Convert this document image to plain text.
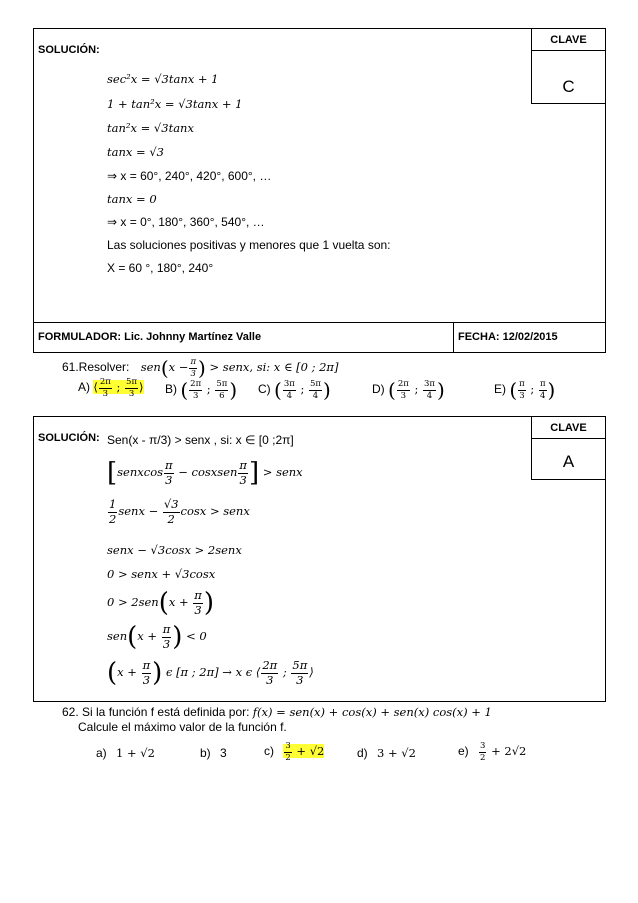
SOLUCIÓN:
CLAVE
C
sec²x = √3tanx + 1
1 + tan²x = √3tanx + 1
tan²x = √3tanx
tanx = √3
⇒ x = 60°, 240°, 420°, 600°, …
tanx = 0
⇒ x = 0°, 180°, 360°, 540°, …
Las soluciones positivas y menores que 1 vuelta son:
X = 60 °, 180°, 240°
FORMULADOR: Lic. Johnny Martínez Valle	FECHA: 12/02/2015
61.Resolver: $sen(x - \frac{\pi}{3}$ ) > senx, si: x ∈ [0 ; 2π]
A) ⟨ $\frac{2\pi}{3}$ ; $\frac{5\pi}{3}$ ⟩ B) ( $\frac{2\pi}{3}$ ; $\frac{5\pi}{6}$ ) C) ( $\frac{3\pi}{4}$ ; $\frac{5\pi}{4}$ )	D) ( $\frac{2\pi}{3}$ ; $\frac{3\pi}{4}$ )	E) ( $\frac{\pi}{3}$ ; $\frac{\pi}{4}$ )
SOLUCIÓN:
CLAVE
A
Sen(x - π/3) > senx , si: x ∈ [0 ;2π]
[senxcos $\frac{\pi}{3}$ − cosxsen $\frac{\pi}{3}$ ] > senx
$\frac{1}{2}$ senx − $\frac{√3}{2}$ cosx > senx
senx − √3cosx > 2senx
0 > senx + √3cosx
$0 > 2sen(x + \frac{\pi}{3}$ )
$sen(x + \frac{\pi}{3}$ ) < 0
($x + \frac{\pi}{3}$ ) ϵ [π ; 2π] → x ϵ ⟨ $\frac{2\pi}{3}$ ; $\frac{5\pi}{3}$ ⟩
62. Si la función f está definida por: f(x) = sen(x) + cos(x) + sen(x) cos(x) + 1
Calcule el máximo valor de la función f.
a) 1 + √2	b) 3	$c) \frac{3}{2} + √2$	d) 3 + √2	$e) \frac{3}{2} + 2√2$
